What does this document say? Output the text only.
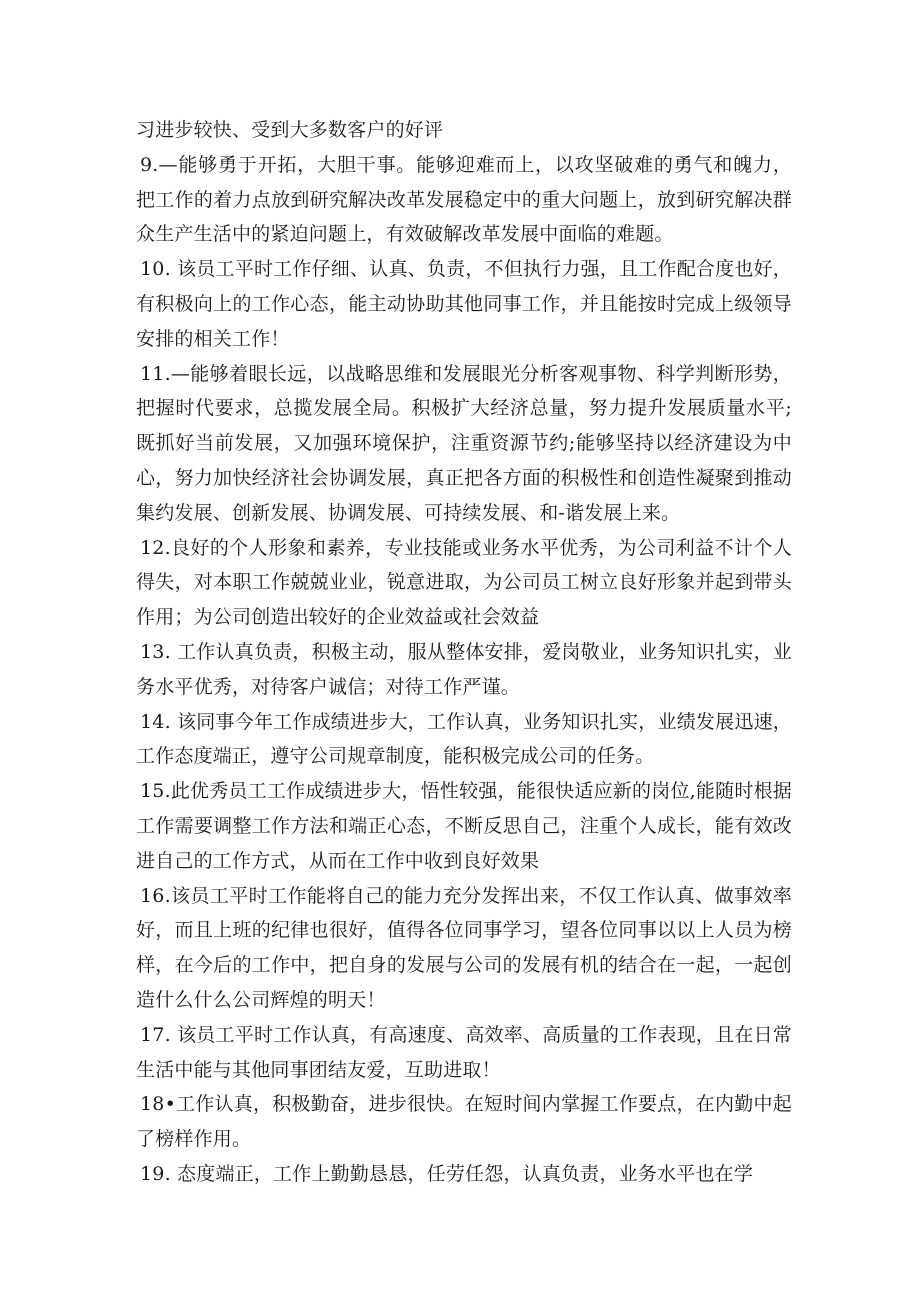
习进步较快、受到大多数客户的好评

9.—能够勇于开拓，大胆干事。能够迎难而上，以攻坚破难的勇气和魄力，把工作的着力点放到研究解决改革发展稳定中的重大问题上，放到研究解决群众生产生活中的紧迫问题上，有效破解改革发展中面临的难题。

10. 该员工平时工作仔细、认真、负责，不但执行力强，且工作配合度也好，有积极向上的工作心态，能主动协助其他同事工作，并且能按时完成上级领导安排的相关工作！

11.—能够着眼长远，以战略思维和发展眼光分析客观事物、科学判断形势，把握时代要求，总揽发展全局。积极扩大经济总量，努力提升发展质量水平;既抓好当前发展，又加强环境保护，注重资源节约;能够坚持以经济建设为中心，努力加快经济社会协调发展，真正把各方面的积极性和创造性凝聚到推动集约发展、创新发展、协调发展、可持续发展、和-谐发展上来。

12.良好的个人形象和素养，专业技能或业务水平优秀，为公司利益不计个人得失，对本职工作兢兢业业，锐意进取，为公司员工树立良好形象并起到带头作用；为公司创造出较好的企业效益或社会效益

13. 工作认真负责，积极主动，服从整体安排，爱岗敬业，业务知识扎实，业务水平优秀，对待客户诚信；对待工作严谨。

14. 该同事今年工作成绩进步大，工作认真，业务知识扎实，业绩发展迅速，工作态度端正，遵守公司规章制度，能积极完成公司的任务。

15.此优秀员工工作成绩进步大，悟性较强，能很快适应新的岗位,能随时根据工作需要调整工作方法和端正心态，不断反思自己，注重个人成长，能有效改进自己的工作方式，从而在工作中收到良好效果

16.该员工平时工作能将自己的能力充分发挥出来，不仅工作认真、做事效率好，而且上班的纪律也很好，值得各位同事学习，望各位同事以以上人员为榜样，在今后的工作中，把自身的发展与公司的发展有机的结合在一起，一起创造什么什么公司辉煌的明天！

17. 该员工平时工作认真，有高速度、高效率、高质量的工作表现，且在日常生活中能与其他同事团结友爱，互助进取！

18•工作认真，积极勤奋，进步很快。在短时间内掌握工作要点，在内勤中起了榜样作用。

19. 态度端正，工作上勤勤恳恳，任劳任怨，认真负责，业务水平也在学
